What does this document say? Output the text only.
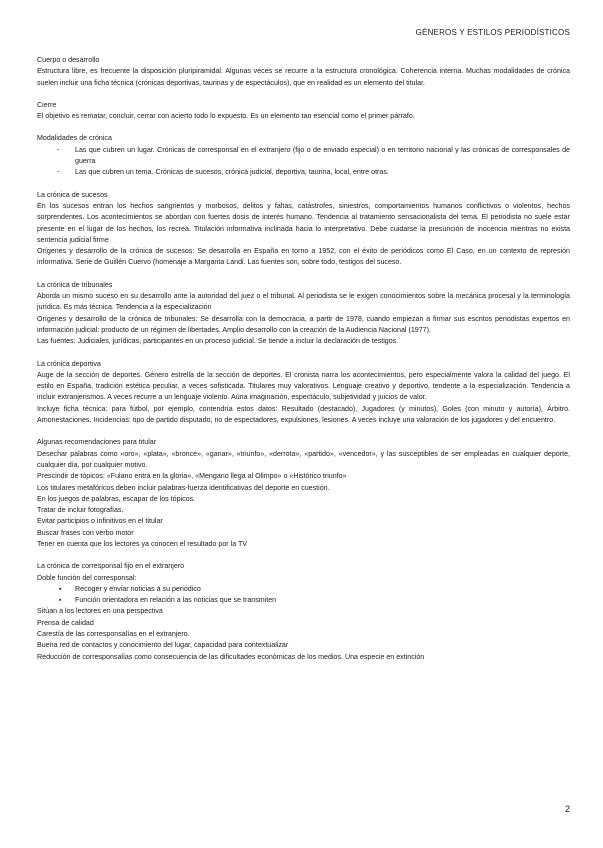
GÉNEROS Y ESTILOS PERIODÍSTICOS

Cuerpo o desarrollo

Estructura libre, es frecuente la disposición pluripiramidal. Algunas veces se recurre a la estructura cronológica. Coherencia interna. Muchas modalidades de crónica suelen incluir una ficha técnica (crónicas deportivas, taurinas y de espectáculos), que en realidad es un elemento del titular.

Cierre

El objetivo es rematar, concluir, cerrar con acierto todo lo expuesto. Es un elemento tan esencial como el primer párrafo.

Modalidades de crónica

- Las que cubren un lugar. Crónicas de corresponsal en el extranjero (fijo o de enviado especial) o en territorio nacional y las crónicas de corresponsales de guerra
- Las que cubren un tema. Crónicas de sucesos, crónica judicial, deportiva, taurina, local, entre otras.

La crónica de sucesos

En los sucesos entran los hechos sangrientos y morbosos, delitos y faltas, catástrofes, siniestros, comportamientos humanos conflictivos o violentos, hechos sorprendentes. Los acontecimientos se abordan con fuertes dosis de interés humano. Tendencia al tratamiento sensacionalista del tema. El periodista no suele estar presente en el lugar de los hechos, los recrea. Titulación informativa inclinada hacia lo interpretativo. Debe cuidarse la presunción de inocencia mientras no exista sentencia judicial firme

Orígenes y desarrollo de la crónica de sucesos: Se desarrolla en España en torno a 1952, con el éxito de periódicos como El Caso, en un contexto de represión informativa. Serie de Guillén Cuervo (homenaje a Margarita Landi. Las fuentes son, sobre todo, testigos del suceso.

La crónica de tribunales

Aborda un mismo suceso en su desarrollo ante la autoridad del juez o el tribunal. Al periodista se le exigen conocimientos sobre la mecánica procesal y la terminología jurídica. Es más técnica. Tendencia a la especialización

Orígenes y desarrollo de la crónica de tribunales: Se desarrolla con la democracia, a partir de 1978, cuando empiezan a firmar sus escritos periodistas expertos en información judicial: producto de un régimen de libertades. Amplio desarrollo con la creación de la Audiencia Nacional (1977).

Las fuentes: Judiciales, jurídicas, participantes en un proceso judicial. Se tiende a incluir la declaración de testigos.

La crónica deportiva

Auge de la sección de deportes. Género estrella de la sección de deportes. El cronista narra los acontecimientos, pero especialmente valora la calidad del juego. El estilo en España, tradición estética peculiar, a veces sofisticada. Titulares muy valorativos. Lenguaje creativo y deportivo, tendente a la especialización. Tendencia a incluir extranjerismos. A veces recurre a un lenguaje violento. Aúna imaginación, espectáculo, subjetividad y juicios de valor.

Incluye ficha técnica: para fútbol, por ejemplo, contendría estos datos: Resultado (destacado), Jugadores (y minutos), Goles (con minuto y autoría), Árbitro. Amonestaciones. Incidencias: tipo de partido disputado, no de espectadores, expulsiones, lesiones. A veces incluye una valoración de los jugadores y del encuentro.

Algunas recomendaciones para titular

Desechar palabras como «oro», «plata», «bronce», «ganar», «triunfo», «derrota», «partido», «vencedor», y las susceptibles de ser empleadas en cualquier deporte, cualquier día, por cualquier motivo.

Prescindir de tópicos: «Fulano entra en la gloria», «Mengano llega al Olimpo» o «Histórico triunfo»

Los titulares metafóricos deben incluir palabras-fuerza identificativas del deporte en cuestión.

En los juegos de palabras, escapar de los tópicos.

Tratar de incluir fotografías.

Evitar participios o infinitivos en el titular

Buscar frases con verbo motor

Tener en cuenta que los lectores ya conocen el resultado por la TV

La crónica de corresponsal fijo en el extranjero

Doble función del corresponsal:

▪ Recoger y enviar noticias a su periódico
▪ Función orientadora en relación a las noticias que se transmiten

Sitúan a los lectores en una perspectiva

Prensa de calidad

Carestía de las corresponsalías en el extranjero.

Buena red de contactos y conocimiento del lugar, capacidad para contextualizar

Reducción de corresponsalías como consecuencia de las dificultades económicas de los medios. Una especie en extinción

2
